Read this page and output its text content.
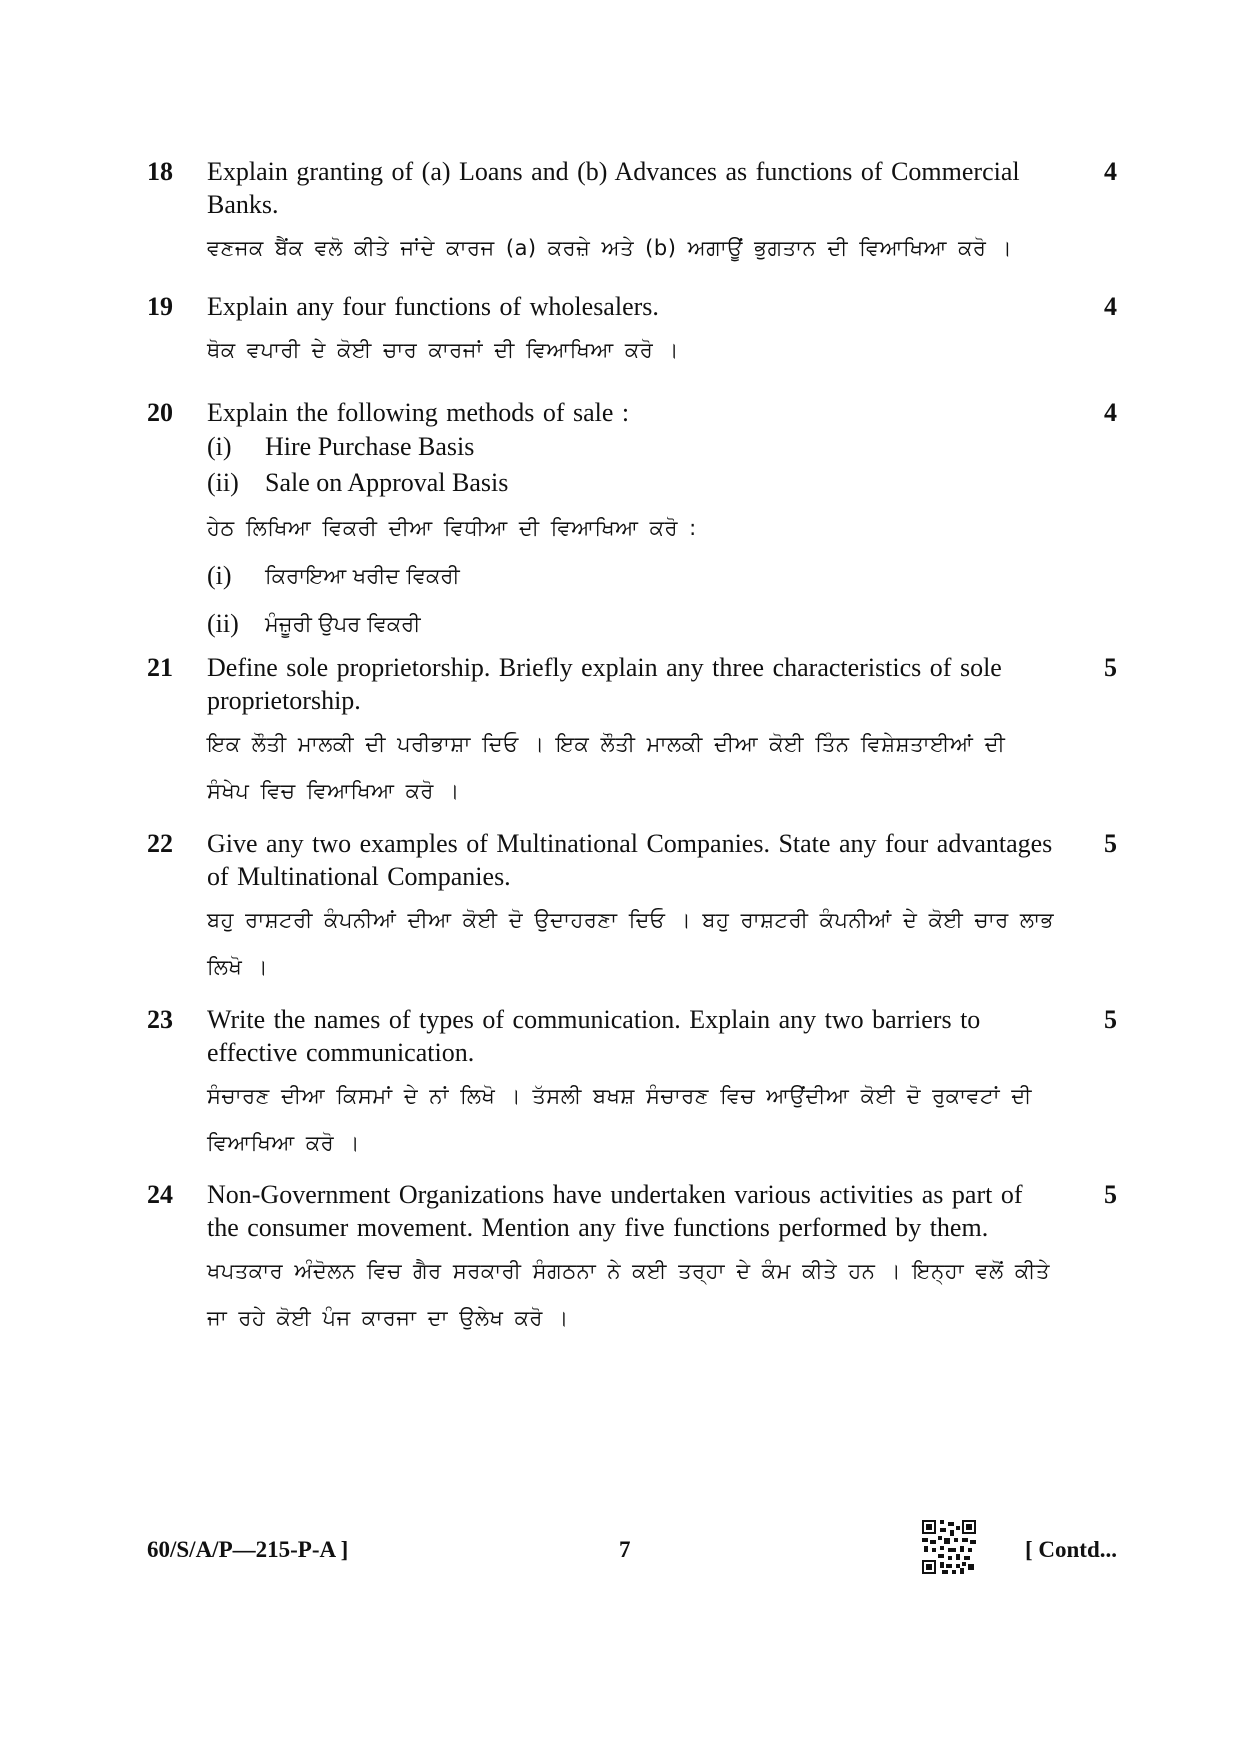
18	4
Explain granting of (a) Loans and (b) Advances as functions of Commercial Banks.
ਵਣਜਕ ਬੈਂਕ ਵਲੋ ਕੀਤੇ ਜਾਂਦੇ ਕਾਰਜ (a) ਕਰਜ਼ੇ ਅਤੇ (b) ਅਗਾਊਂ ਭੁਗਤਾਨ ਦੀ ਵਿਆਖਿਆ ਕਰੋ ।
19	4
Explain any four functions of wholesalers.
ਥੋਕ ਵਪਾਰੀ ਦੇ ਕੋਈ ਚਾਰ ਕਾਰਜਾਂ ਦੀ ਵਿਆਖਿਆ ਕਰੋ ।
20	4
Explain the following methods of sale :
(i)	Hire Purchase Basis
(ii)	Sale on Approval Basis
ਹੇਠ ਲਿਖਿਆ ਵਿਕਰੀ ਦੀਆ ਵਿਧੀਆ ਦੀ ਵਿਆਖਿਆ ਕਰੋ :
(i)	ਕਿਰਾਇਆ ਖਰੀਦ ਵਿਕਰੀ
(ii)	ਮੰਜ਼ੂਰੀ ਉਪਰ ਵਿਕਰੀ
21	5
Define sole proprietorship. Briefly explain any three characteristics of sole proprietorship.
ਇਕ ਲੌਤੀ ਮਾਲਕੀ ਦੀ ਪਰੀਭਾਸ਼ਾ ਦਿਓ । ਇਕ ਲੌਤੀ ਮਾਲਕੀ ਦੀਆ ਕੋਈ ਤਿੰਨ ਵਿਸ਼ੇਸ਼ਤਾਈਆਂ ਦੀ ਸੰਖੇਪ ਵਿਚ ਵਿਆਖਿਆ ਕਰੋ ।
22	5
Give any two examples of Multinational Companies. State any four advantages of Multinational Companies.
ਬਹੁ ਰਾਸ਼ਟਰੀ ਕੰਪਨੀਆਂ ਦੀਆ ਕੋਈ ਦੋ ਉਦਾਹਰਣਾ ਦਿਓ । ਬਹੁ ਰਾਸ਼ਟਰੀ ਕੰਪਨੀਆਂ ਦੇ ਕੋਈ ਚਾਰ ਲਾਭ ਲਿਖੋ ।
23	5
Write the names of types of communication. Explain any two barriers to effective communication.
ਸੰਚਾਰਣ ਦੀਆ ਕਿਸਮਾਂ ਦੇ ਨਾਂ ਲਿਖੋ । ਤੱਸਲੀ ਬਖਸ਼ ਸੰਚਾਰਣ ਵਿਚ ਆਉਂਦੀਆ ਕੋਈ ਦੋ ਰੁਕਾਵਟਾਂ ਦੀ ਵਿਆਖਿਆ ਕਰੋ ।
24	5
Non-Government Organizations have undertaken various activities as part of the consumer movement. Mention any five functions performed by them.
ਖਪਤਕਾਰ ਅੰਦੋਲਨ ਵਿਚ ਗੈਰ ਸਰਕਾਰੀ ਸੰਗਠਨਾ ਨੇ ਕਈ ਤਰ੍ਹਾ ਦੇ ਕੰਮ ਕੀਤੇ ਹਨ । ਇਨ੍ਹਾ ਵਲੋਂ ਕੀਤੇ ਜਾ ਰਹੇ ਕੋਈ ਪੰਜ ਕਾਰਜਾ ਦਾ ਉਲੇਖ ਕਰੋ ।
60/S/A/P—215-P-A ]	7	[ Contd...
